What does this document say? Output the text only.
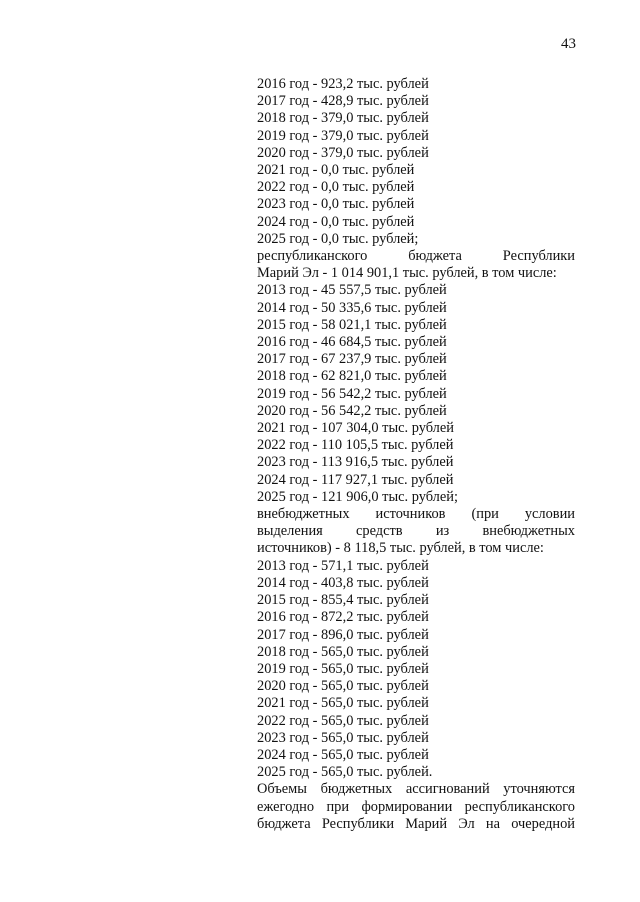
43
2016 год - 923,2 тыс. рублей
2017 год - 428,9 тыс. рублей
2018 год - 379,0 тыс. рублей
2019 год - 379,0 тыс. рублей
2020 год - 379,0 тыс. рублей
2021 год - 0,0 тыс. рублей
2022 год - 0,0 тыс. рублей
2023 год - 0,0 тыс. рублей
2024 год - 0,0 тыс. рублей
2025 год - 0,0 тыс. рублей;
республиканского бюджета Республики
Марий Эл - 1 014 901,1 тыс. рублей, в том числе:
2013 год - 45 557,5 тыс. рублей
2014 год - 50 335,6 тыс. рублей
2015 год - 58 021,1 тыс. рублей
2016 год - 46 684,5 тыс. рублей
2017 год - 67 237,9 тыс. рублей
2018 год - 62 821,0 тыс. рублей
2019 год - 56 542,2 тыс. рублей
2020 год - 56 542,2 тыс. рублей
2021 год - 107 304,0 тыс. рублей
2022 год - 110 105,5 тыс. рублей
2023 год - 113 916,5 тыс. рублей
2024 год - 117 927,1 тыс. рублей
2025 год - 121 906,0 тыс. рублей;
внебюджетных источников (при условии
выделения средств из внебюджетных
источников) - 8 118,5 тыс. рублей, в том числе:
2013 год - 571,1 тыс. рублей
2014 год - 403,8 тыс. рублей
2015 год - 855,4 тыс. рублей
2016 год - 872,2 тыс. рублей
2017 год - 896,0 тыс. рублей
2018 год - 565,0 тыс. рублей
2019 год - 565,0 тыс. рублей
2020 год - 565,0 тыс. рублей
2021 год - 565,0 тыс. рублей
2022 год - 565,0 тыс. рублей
2023 год - 565,0 тыс. рублей
2024 год - 565,0 тыс. рублей
2025 год - 565,0 тыс. рублей.
Объемы бюджетных ассигнований уточняются
ежегодно при формировании республиканского
бюджета Республики Марий Эл на очередной
